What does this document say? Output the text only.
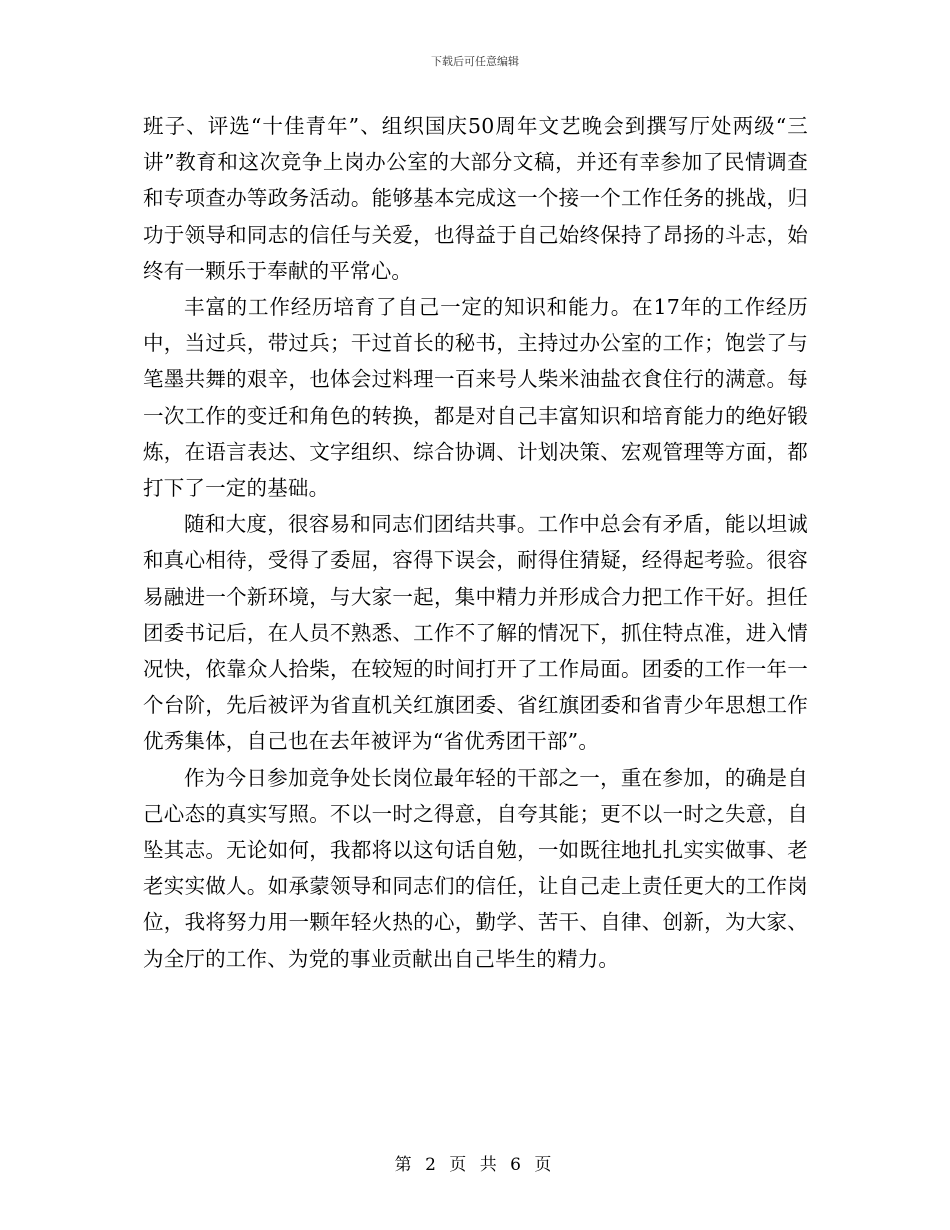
下载后可任意编辑

班子、评选“十佳青年”、组织国庆50周年文艺晚会到撰写厅处两级“三讲”教育和这次竞争上岗办公室的大部分文稿，并还有幸参加了民情调查和专项查办等政务活动。能够基本完成这一个接一个工作任务的挑战，归功于领导和同志的信任与关爱，也得益于自己始终保持了昂扬的斗志，始终有一颗乐于奉献的平常心。

丰富的工作经历培育了自己一定的知识和能力。在17年的工作经历中，当过兵，带过兵；干过首长的秘书，主持过办公室的工作；饱尝了与笔墨共舞的艰辛，也体会过料理一百来号人柴米油盐衣食住行的满意。每一次工作的变迁和角色的转换，都是对自己丰富知识和培育能力的绝好锻炼，在语言表达、文字组织、综合协调、计划决策、宏观管理等方面，都打下了一定的基础。

随和大度，很容易和同志们团结共事。工作中总会有矛盾，能以坦诚和真心相待，受得了委屈，容得下误会，耐得住猜疑，经得起考验。很容易融进一个新环境，与大家一起，集中精力并形成合力把工作干好。担任团委书记后，在人员不熟悉、工作不了解的情况下，抓住特点准，进入情况快，依靠众人拾柴，在较短的时间打开了工作局面。团委的工作一年一个台阶，先后被评为省直机关红旗团委、省红旗团委和省青少年思想工作优秀集体，自己也在去年被评为“省优秀团干部”。

作为今日参加竞争处长岗位最年轻的干部之一，重在参加，的确是自己心态的真实写照。不以一时之得意，自夸其能；更不以一时之失意，自坠其志。无论如何，我都将以这句话自勉，一如既往地扎扎实实做事、老老实实做人。如承蒙领导和同志们的信任，让自己走上责任更大的工作岗位，我将努力用一颗年轻火热的心，勤学、苦干、自律、创新，为大家、为全厅的工作、为党的事业贡献出自己毕生的精力。

第 2 页 共 6 页
